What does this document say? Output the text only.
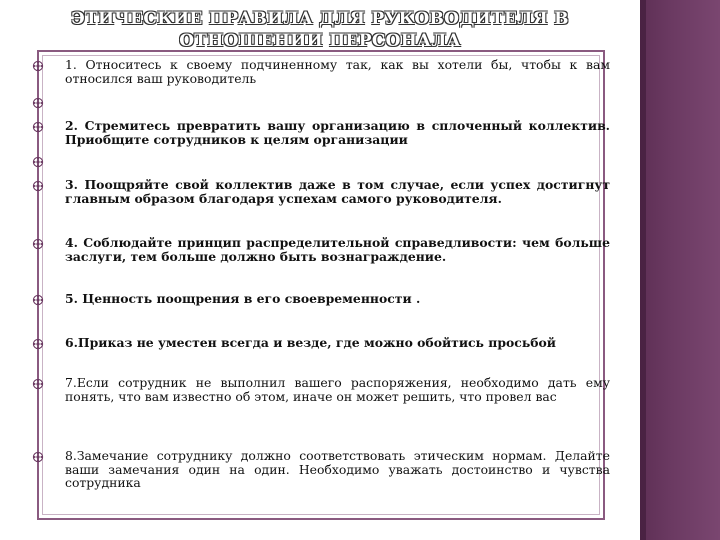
ЭТИЧЕСКИЕ ПРАВИЛА ДЛЯ РУКОВОДИТЕЛЯ В
ОТНОШЕНИИ ПЕРСОНАЛА
1. Относитесь к своему подчиненному так, как вы хотели бы, чтобы к вам относился ваш руководитель
2. Стремитесь превратить вашу организацию в сплоченный коллектив. Приобщите сотрудников к целям организации
3. Поощряйте свой коллектив даже в том случае, если успех достигнут главным образом благодаря успехам самого руководителя.
4. Соблюдайте принцип распределительной справедливости: чем больше заслуги, тем больше должно быть вознаграждение.
5. Ценность поощрения в его своевременности .
6.Приказ не уместен всегда и везде, где можно обойтись просьбой
7.Если сотрудник не выполнил вашего распоряжения, необходимо дать ему понять, что вам известно об этом, иначе он может решить, что провел вас
8.Замечание сотруднику должно соответствовать этическим нормам. Делайте ваши замечания один на один. Необходимо уважать достоинство и чувства сотрудника
